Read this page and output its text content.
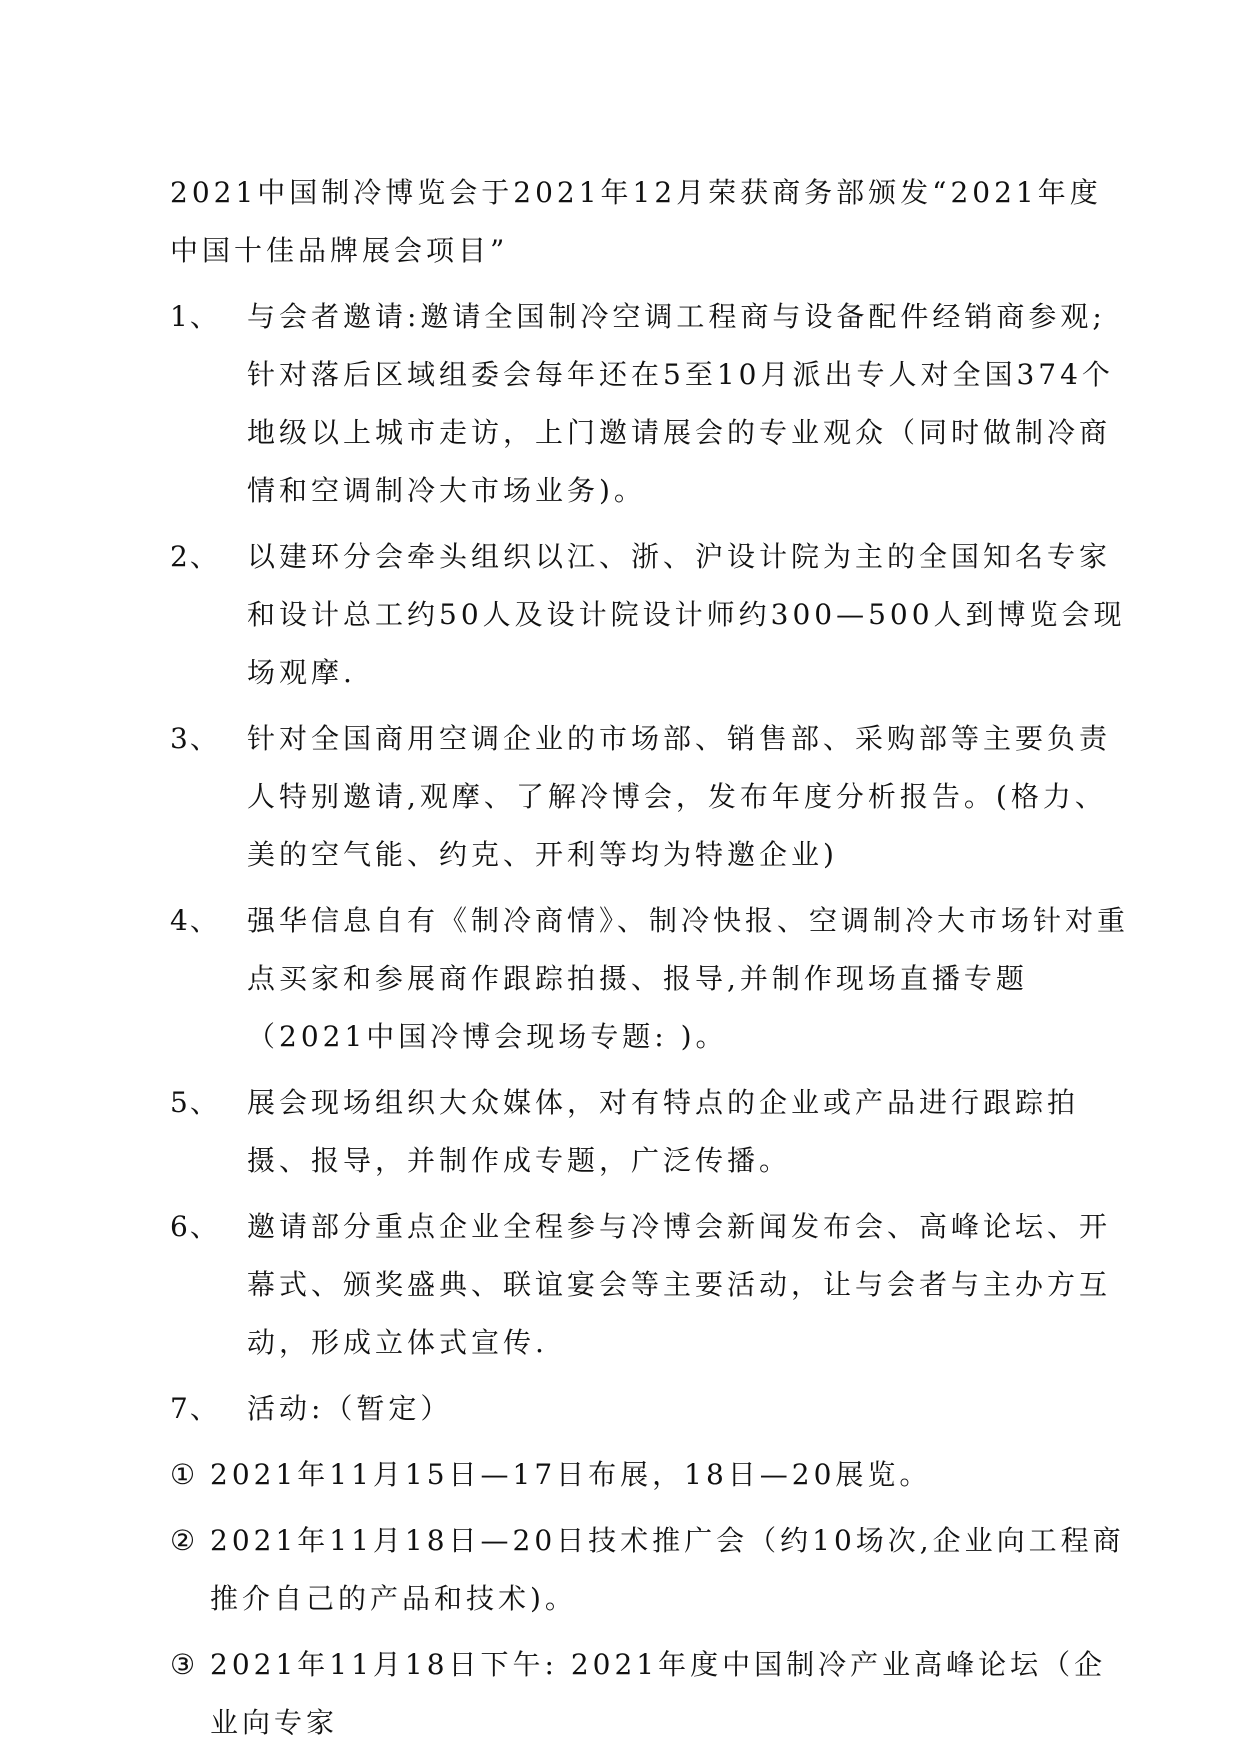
2021中国制冷博览会于2021年12月荣获商务部颁发“2021年度中国十佳品牌展会项目”

1、 与会者邀请:邀请全国制冷空调工程商与设备配件经销商参观;针对落后区域组委会每年还在5至10月派出专人对全国374个地级以上城市走访，上门邀请展会的专业观众（同时做制冷商情和空调制冷大市场业务)。
2、 以建环分会牵头组织以江、浙、沪设计院为主的全国知名专家和设计总工约50人及设计院设计师约300—500人到博览会现场观摩.
3、 针对全国商用空调企业的市场部、销售部、采购部等主要负责人特别邀请,观摩、了解冷博会，发布年度分析报告。(格力、美的空气能、约克、开利等均为特邀企业)
4、 强华信息自有《制冷商情》、制冷快报、空调制冷大市场针对重点买家和参展商作跟踪拍摄、报导,并制作现场直播专题（2021中国冷博会现场专题: )。
5、 展会现场组织大众媒体，对有特点的企业或产品进行跟踪拍摄、报导，并制作成专题，广泛传播。
6、 邀请部分重点企业全程参与冷博会新闻发布会、高峰论坛、开幕式、颁奖盛典、联谊宴会等主要活动，让与会者与主办方互动，形成立体式宣传.
7、 活动:（暂定）
① 2021年11月15日—17日布展，18日—20展览。
② 2021年11月18日—20日技术推广会（约10场次,企业向工程商推介自己的产品和技术)。
③ 2021年11月18日下午: 2021年度中国制冷产业高峰论坛（企业向专家
